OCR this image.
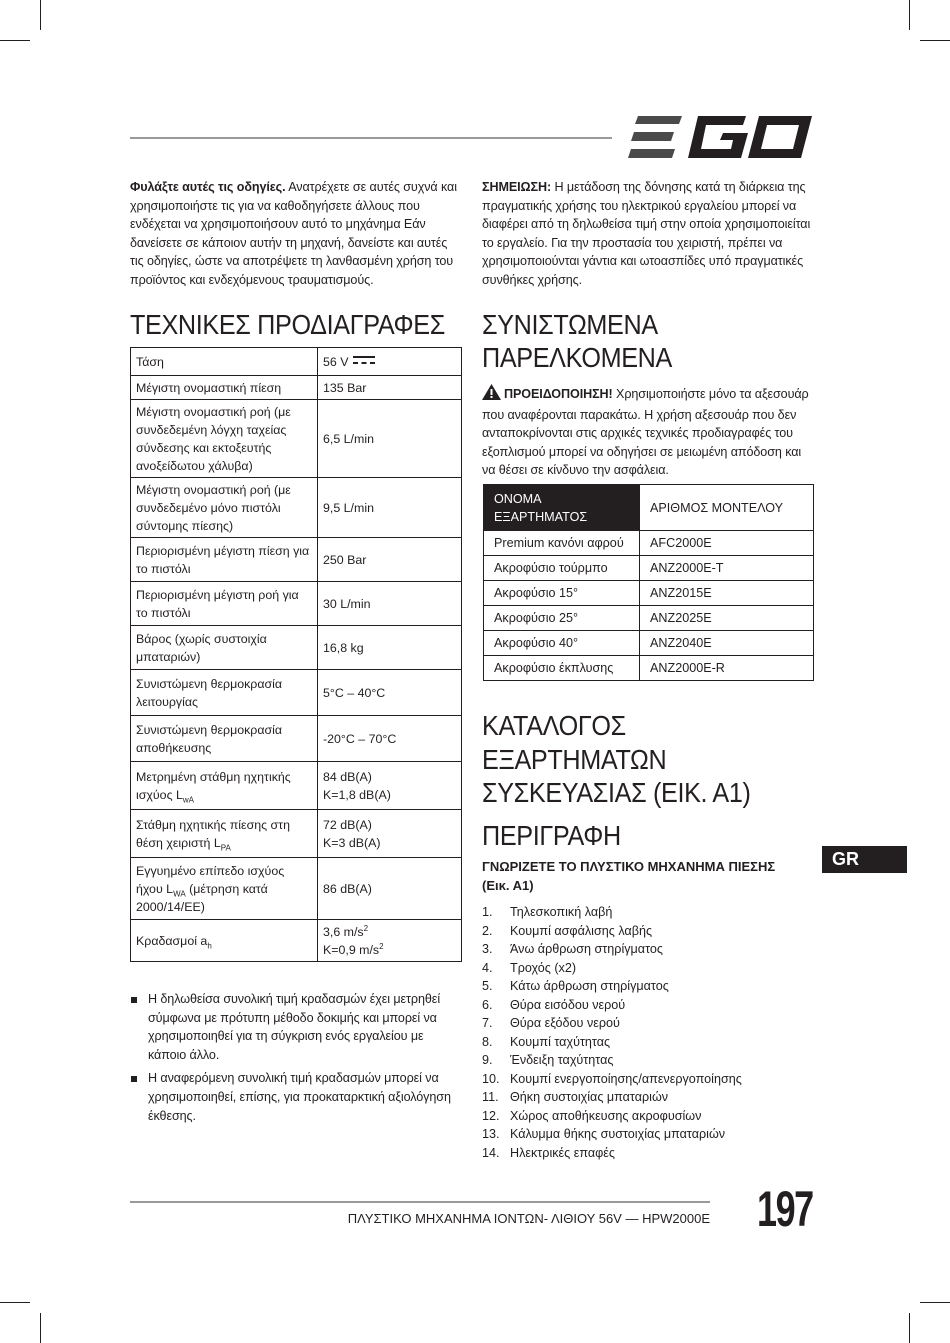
Φυλάξτε αυτές τις οδηγίες. Ανατρέχετε σε αυτές συχνά και χρησιμοποιήστε τις για να καθοδηγήσετε άλλους που ενδέχεται να χρησιμοποιήσουν αυτό το μηχάνημα Εάν δανείσετε σε κάποιον αυτήν τη μηχανή, δανείστε και αυτές τις οδηγίες, ώστε να αποτρέψετε τη λανθασμένη χρήση του προϊόντος και ενδεχόμενους τραυματισμούς.
ΣΗΜΕΙΩΣΗ: Η μετάδοση της δόνησης κατά τη διάρκεια της πραγματικής χρήσης του ηλεκτρικού εργαλείου μπορεί να διαφέρει από τη δηλωθείσα τιμή στην οποία χρησιμοποιείται το εργαλείο. Για την προστασία του χειριστή, πρέπει να χρησιμοποιούνται γάντια και ωτοασπίδες υπό πραγματικές συνθήκες χρήσης.
ΤΕΧΝΙΚΕΣ ΠΡΟΔΙΑΓΡΑΦΕΣ
Τάση	56 V
Μέγιστη ονομαστική πίεση	135 Bar
Μέγιστη ονομαστική ροή (με συνδεδεμένη λόγχη ταχείας σύνδεσης και εκτοξευτής ανοξείδωτου χάλυβα)	6,5 L/min
Μέγιστη ονομαστική ροή (με συνδεδεμένο μόνο πιστόλι σύντομης πίεσης)	9,5 L/min
Περιορισμένη μέγιστη πίεση για το πιστόλι	250 Bar
Περιορισμένη μέγιστη ροή για το πιστόλι	30 L/min
Βάρος (χωρίς συστοιχία μπαταριών)	16,8 kg
Συνιστώμενη θερμοκρασία λειτουργίας	5°C – 40°C
Συνιστώμενη θερμοκρασία αποθήκευσης	-20°C – 70°C
Μετρημένη στάθμη ηχητικής ισχύος $L_{wA}$	84 dB(A)
K=1,8 dB(A)
Στάθμη ηχητικής πίεσης στη θέση χειριστή $L_{PA}$	72 dB(A)
K=3 dB(A)
Εγγυημένο επίπεδο ισχύος ήχου $L_{WA}$ (μέτρηση κατά 2000/14/ΕΕ)	86 dB(A)
Κραδασμοί $a_h$	3,6 $m/s^2$
K=0,9 $m/s^2$
Η δηλωθείσα συνολική τιμή κραδασμών έχει μετρηθεί σύμφωνα με πρότυπη μέθοδο δοκιμής και μπορεί να χρησιμοποιηθεί για τη σύγκριση ενός εργαλείου με κάποιο άλλο.
Η αναφερόμενη συνολική τιμή κραδασμών μπορεί να χρησιμοποιηθεί, επίσης, για προκαταρκτική αξιολόγηση έκθεσης.
ΣΥΝΙΣΤΩΜΕΝΑ
ΠΑΡΕΛΚΟΜΕΝΑ
ΠΡΟΕΙΔΟΠΟΙΗΣΗ! Χρησιμοποιήστε μόνο τα αξεσουάρ που αναφέρονται παρακάτω. Η χρήση αξεσουάρ που δεν ανταποκρίνονται στις αρχικές τεχνικές προδιαγραφές του εξοπλισμού μπορεί να οδηγήσει σε μειωμένη απόδοση και να θέσει σε κίνδυνο την ασφάλεια.
ΟΝΟΜΑ ΕΞΑΡΤΗΜΑΤΟΣ	ΑΡΙΘΜΟΣ ΜΟΝΤΕΛΟΥ
Premium κανόνι αφρού	AFC2000E
Ακροφύσιο τούρμπο	ANZ2000E-T
Ακροφύσιο 15°	ANZ2015E
Ακροφύσιο 25°	ANZ2025E
Ακροφύσιο 40°	ANZ2040E
Ακροφύσιο έκπλυσης	ANZ2000E-R
ΚΑΤΑΛΟΓΟΣ
ΕΞΑΡΤΗΜΑΤΩΝ
ΣΥΣΚΕΥΑΣΙΑΣ (ΕΙΚ. Α1)
ΠΕΡΙΓΡΑΦΗ
ΓΝΩΡΙΖΕΤΕ ΤΟ ΠΛΥΣΤΙΚΟ ΜΗΧΑΝΗΜΑ ΠΙΕΣΗΣ (Εικ. Α1)
1. Τηλεσκοπική λαβή
2. Κουμπί ασφάλισης λαβής
3. Άνω άρθρωση στηρίγματος
4. Τροχός (x2)
5. Κάτω άρθρωση στηρίγματος
6. Θύρα εισόδου νερού
7. Θύρα εξόδου νερού
8. Κουμπί ταχύτητας
9. Ένδειξη ταχύτητας
10. Κουμπί ενεργοποίησης/απενεργοποίησης
11. Θήκη συστοιχίας μπαταριών
12. Χώρος αποθήκευσης ακροφυσίων
13. Κάλυμμα θήκης συστοιχίας μπαταριών
14. Ηλεκτρικές επαφές
GR
ΠΛΥΣΤΙΚΟ ΜΗΧΑΝΗΜΑ ΙΟΝΤΩΝ- ΛΙΘΙΟΥ 56V — HPW2000E 197
